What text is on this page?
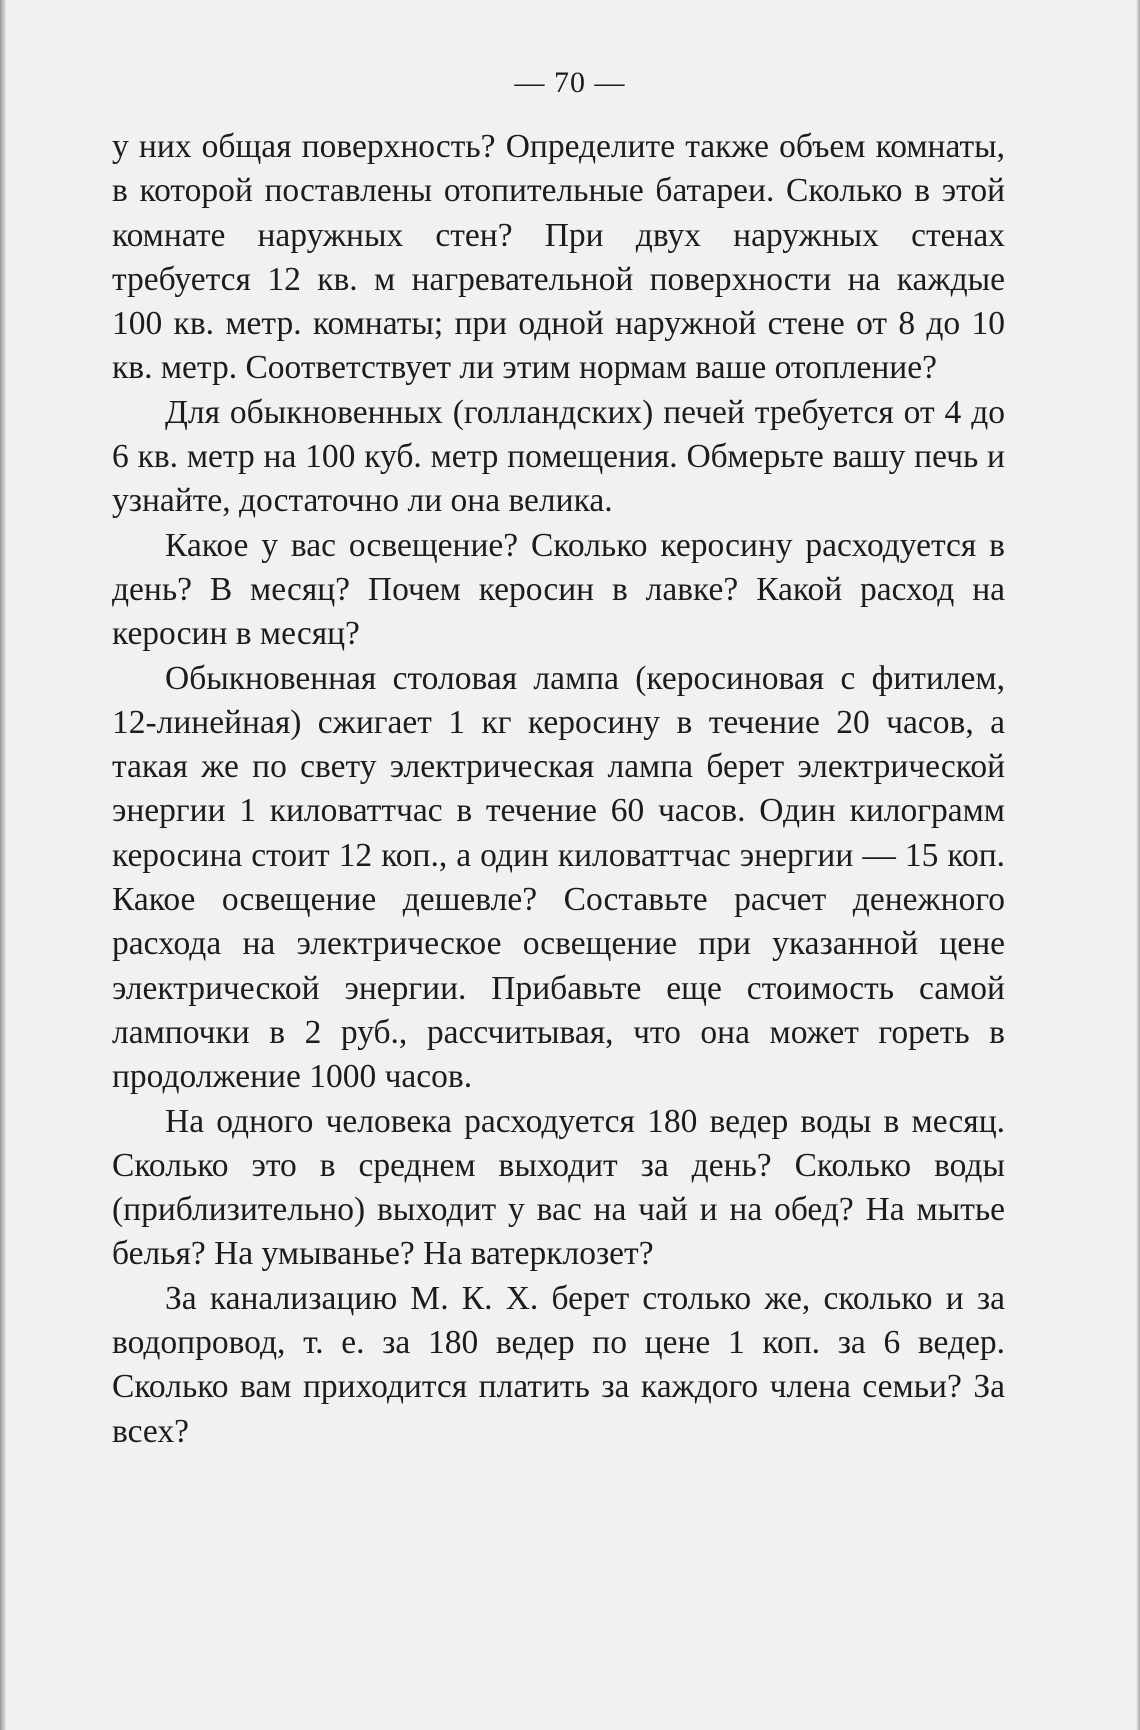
— 70 —

у них общая поверхность? Определите также объем комнаты, в которой поставлены отопительные батареи. Сколько в этой комнате наружных стен? При двух наружных стенах требуется 12 кв. м нагревательной поверхности на каждые 100 кв. метр. комнаты; при одной наружной стене от 8 до 10 кв. метр. Соответствует ли этим нормам ваше отопление?

Для обыкновенных (голландских) печей требуется от 4 до 6 кв. метр на 100 куб. метр помещения. Обмерьте вашу печь и узнайте, достаточно ли она велика.

Какое у вас освещение? Сколько керосину расходуется в день? В месяц? Почем керосин в лавке? Какой расход на керосин в месяц?

Обыкновенная столовая лампа (керосиновая с фитилем, 12-линейная) сжигает 1 кг керосину в течение 20 часов, а такая же по свету электрическая лампа берет электрической энергии 1 киловаттчас в течение 60 часов. Один килограмм керосина стоит 12 коп., а один киловаттчас энергии — 15 коп. Какое освещение дешевле? Составьте расчет денежного расхода на электрическое освещение при указанной цене электрической энергии. Прибавьте еще стоимость самой лампочки в 2 руб., рассчитывая, что она может гореть в продолжение 1000 часов.

На одного человека расходуется 180 ведер воды в месяц. Сколько это в среднем выходит за день? Сколько воды (приблизительно) выходит у вас на чай и на обед? На мытье белья? На умыванье? На ватерклозет?

За канализацию М. К. Х. берет столько же, сколько и за водопровод, т. е. за 180 ведер по цене 1 коп. за 6 ведер. Сколько вам приходится платить за каждого члена семьи? За всех?
